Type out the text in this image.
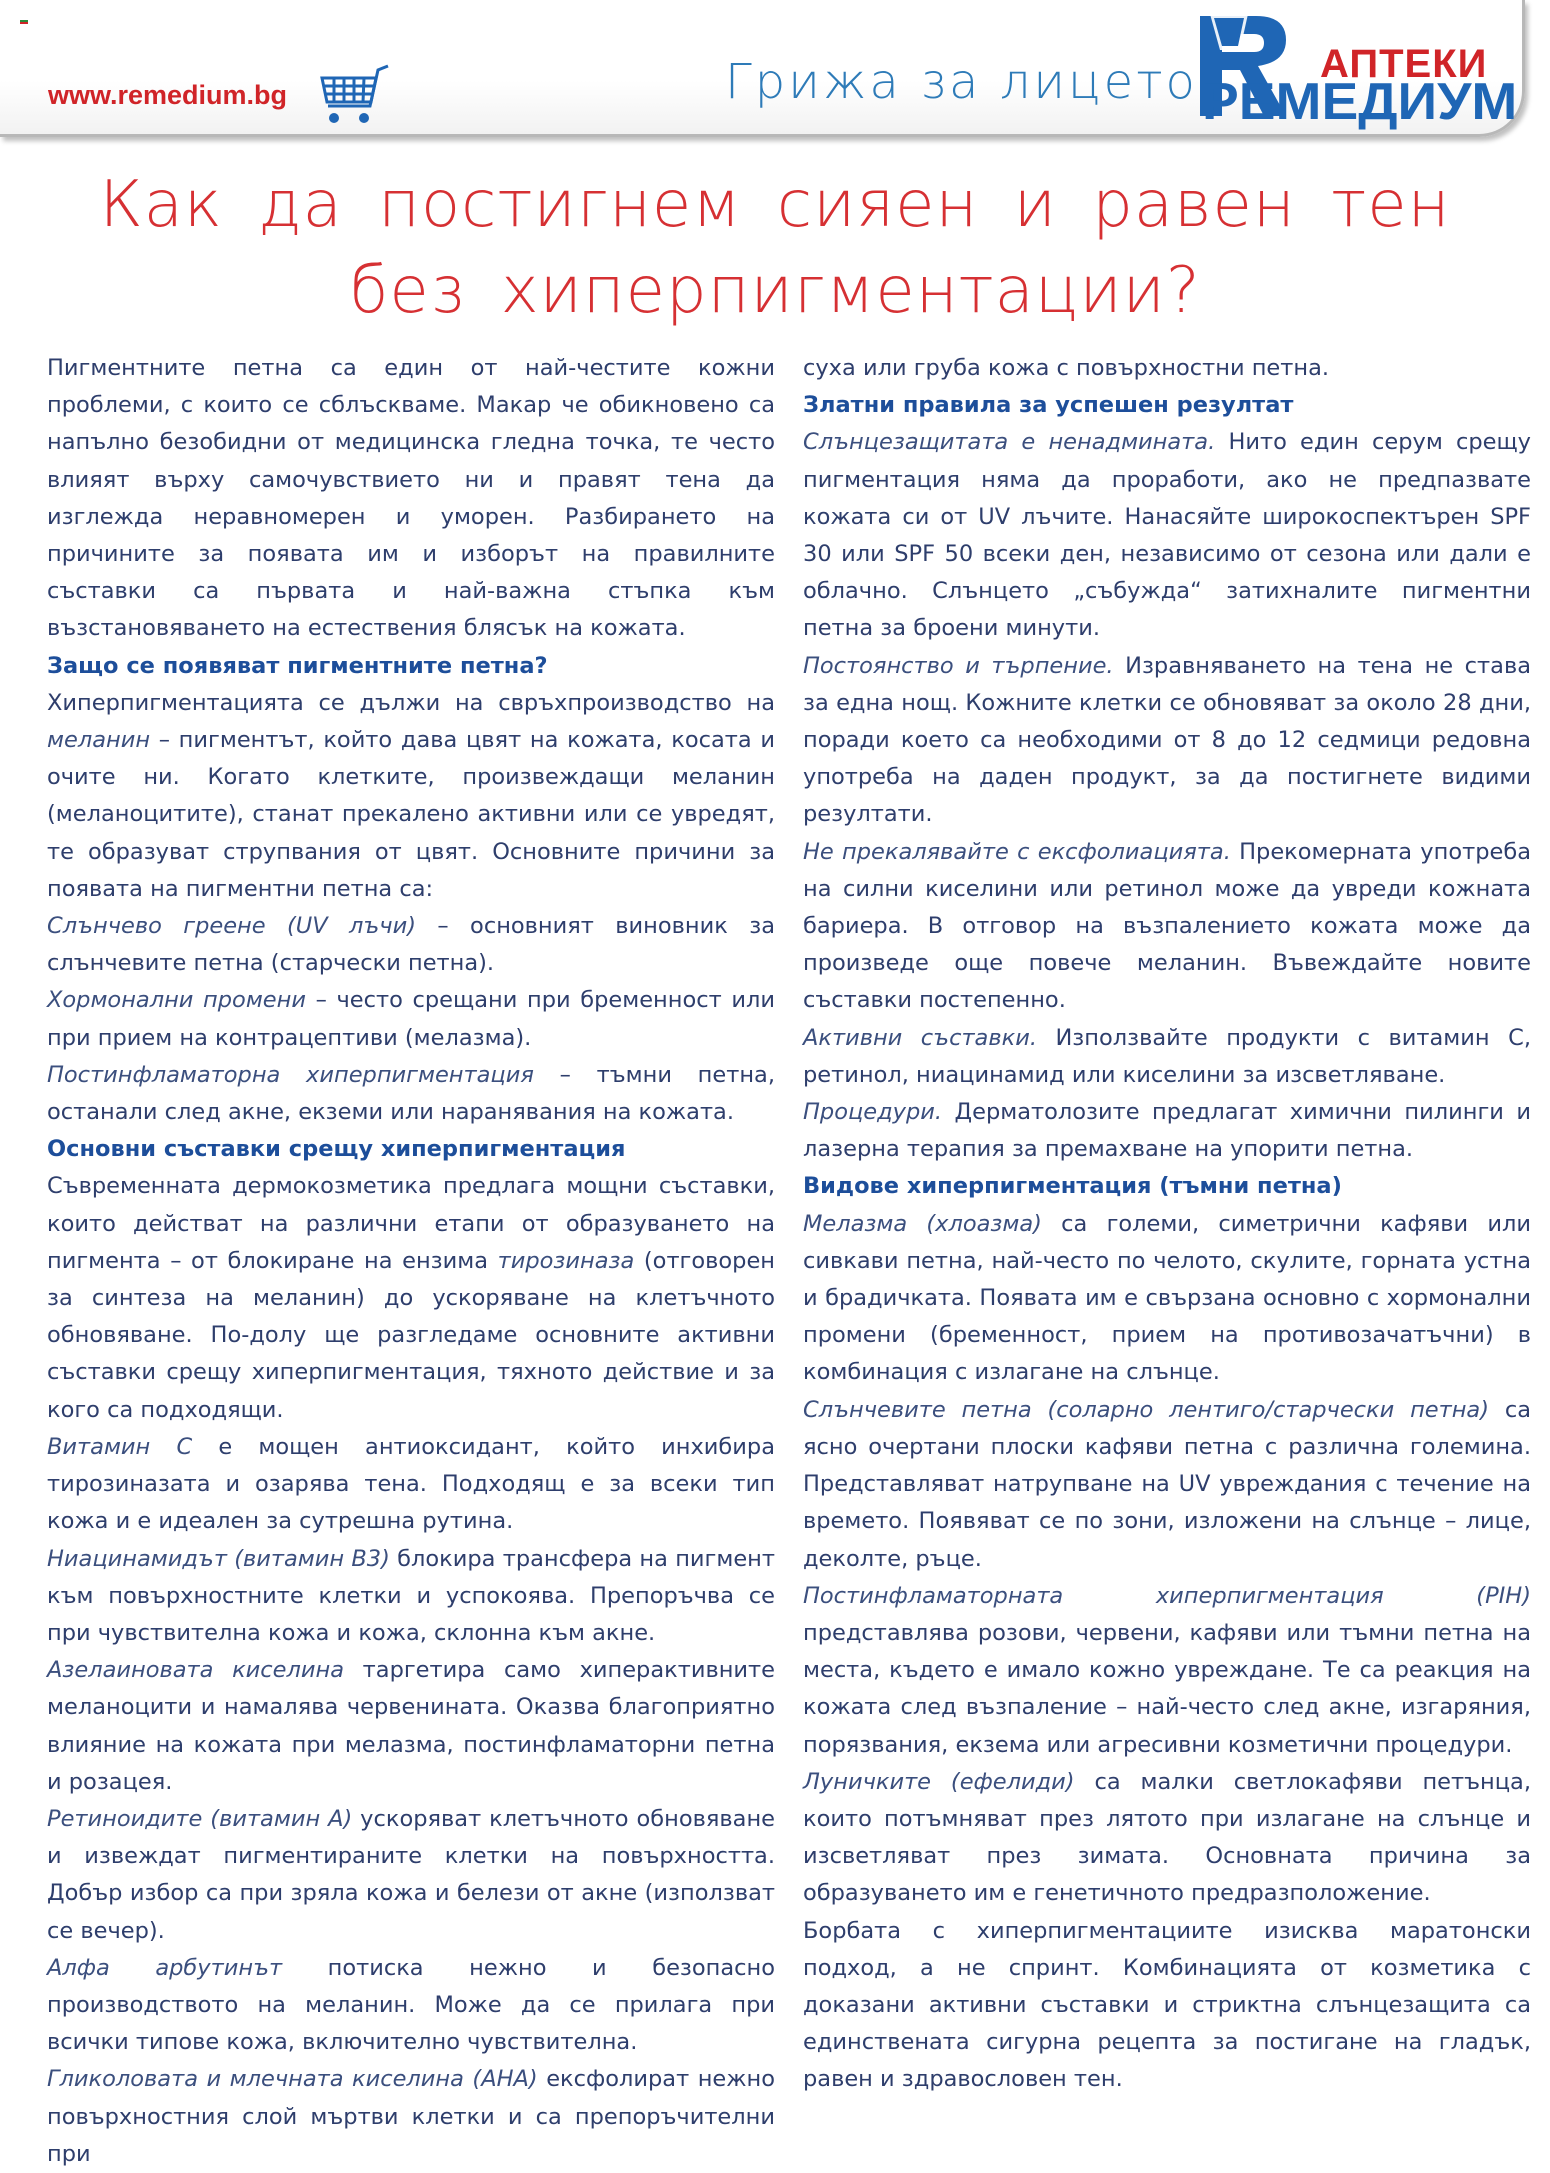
www.remedium.bg	Грижа за лицето	АПТЕКИ
РЕМЕДИУМ
Как да постигнем сияен и равен тен
без хиперпигментации?

Пигментните петна са един от най-честите кожни проблеми, с които се сблъскваме. Макар че обикновено са напълно безобидни от медицинска гледна точка, те често влияят върху самочувствието ни и правят тена да изглежда неравномерен и уморен. Разбирането на причините за появата им и изборът на правилните съставки са първата и най-важна стъпка към възстановяването на естествения блясък на кожата.

Защо се появяват пигментните петна?

Хиперпигментацията се дължи на свръхпроизводство на меланин – пигментът, който дава цвят на кожата, косата и очите ни. Когато клетките, произвеждащи меланин (меланоцитите), станат прекалено активни или се увредят, те образуват струпвания от цвят. Основните причини за появата на пигментни петна са:

Слънчево греене (UV лъчи) – основният виновник за слънчевите петна (старчески петна).

Хормонални промени – често срещани при бременност или при прием на контрацептиви (мелазма).

Постинфламаторна хиперпигментация – тъмни петна, останали след акне, екземи или наранявания на кожата.

Основни съставки срещу хиперпигментация

Съвременната дермокозметика предлага мощни съставки, които действат на различни етапи от образуването на пигмента – от блокиране на ензима тирозиназа (отговорен за синтеза на меланин) до ускоряване на клетъчното обновяване. По-долу ще разгледаме основните активни съставки срещу хиперпигментация, тяхното действие и за кого са подходящи.

Витамин С е мощен антиоксидант, който инхибира тирозиназата и озарява тена. Подходящ е за всеки тип кожа и е идеален за сутрешна рутина.

Ниацинамидът (витамин В3) блокира трансфера на пигмент към повърхностните клетки и успокоява. Препоръчва се при чувствителна кожа и кожа, склонна към акне.

Азелаиновата киселина таргетира само хиперактивните меланоцити и намалява червенината. Оказва благоприятно влияние на кожата при мелазма, постинфламаторни петна и розацея.

Ретиноидите (витамин А) ускоряват клетъчното обновяване и извеждат пигментираните клетки на повърхността. Добър избор са при зряла кожа и белези от акне (използват се вечер).

Алфа арбутинът потиска нежно и безопасно производството на меланин. Може да се прилага при всички типове кожа, включително чувствителна.

Гликоловата и млечната киселина (AHA) ексфолират нежно повърхностния слой мъртви клетки и са препоръчителни при

суха или груба кожа с повърхностни петна.

Златни правила за успешен резултат

Слънцезащитата е ненадмината. Нито един серум срещу пигментация няма да проработи, ако не предпазвате кожата си от UV лъчите. Нанасяйте широкоспектърен SPF 30 или SPF 50 всеки ден, независимо от сезона или дали е облачно. Слънцето „събужда“ затихналите пигментни петна за броени минути.

Постоянство и търпение. Изравняването на тена не става за една нощ. Кожните клетки се обновяват за около 28 дни, поради което са необходими от 8 до 12 седмици редовна употреба на даден продукт, за да постигнете видими резултати.

Не прекалявайте с ексфолиацията. Прекомерната употреба на силни киселини или ретинол може да увреди кожната бариера. В отговор на възпалението кожата може да произведе още повече меланин. Въвеждайте новите съставки постепенно.

Активни съставки. Използвайте продукти с витамин С, ретинол, ниацинамид или киселини за изсветляване.

Процедури. Дерматолозите предлагат химични пилинги и лазерна терапия за премахване на упорити петна.

Видове хиперпигментация (тъмни петна)

Мелазма (хлоазма) са големи, симетрични кафяви или сивкави петна, най-често по челото, скулите, горната устна и брадичката. Появата им е свързана основно с хормонални промени (бременност, прием на противозачатъчни) в комбинация с излагане на слънце.

Слънчевите петна (соларно лентиго/старчески петна) са ясно очертани плоски кафяви петна с различна големина. Представляват натрупване на UV увреждания с течение на времето. Появяват се по зони, изложени на слънце – лице, деколте, ръце.

Постинфламаторната хиперпигментация (PIH) представлява розови, червени, кафяви или тъмни петна на места, където е имало кожно увреждане. Те са реакция на кожата след възпаление – най-често след акне, изгаряния, порязвания, екзема или агресивни козметични процедури.

Луничките (ефелиди) са малки светлокафяви петънца, които потъмняват през лятото при излагане на слънце и изсветляват през зимата. Основната причина за образуването им е генетичното предразположение.

Борбата с хиперпигментациите изисква маратонски подход, а не спринт. Комбинацията от козметика с доказани активни съставки и стриктна слънцезащита са единствената сигурна рецепта за постигане на гладък, равен и здравословен тен.
